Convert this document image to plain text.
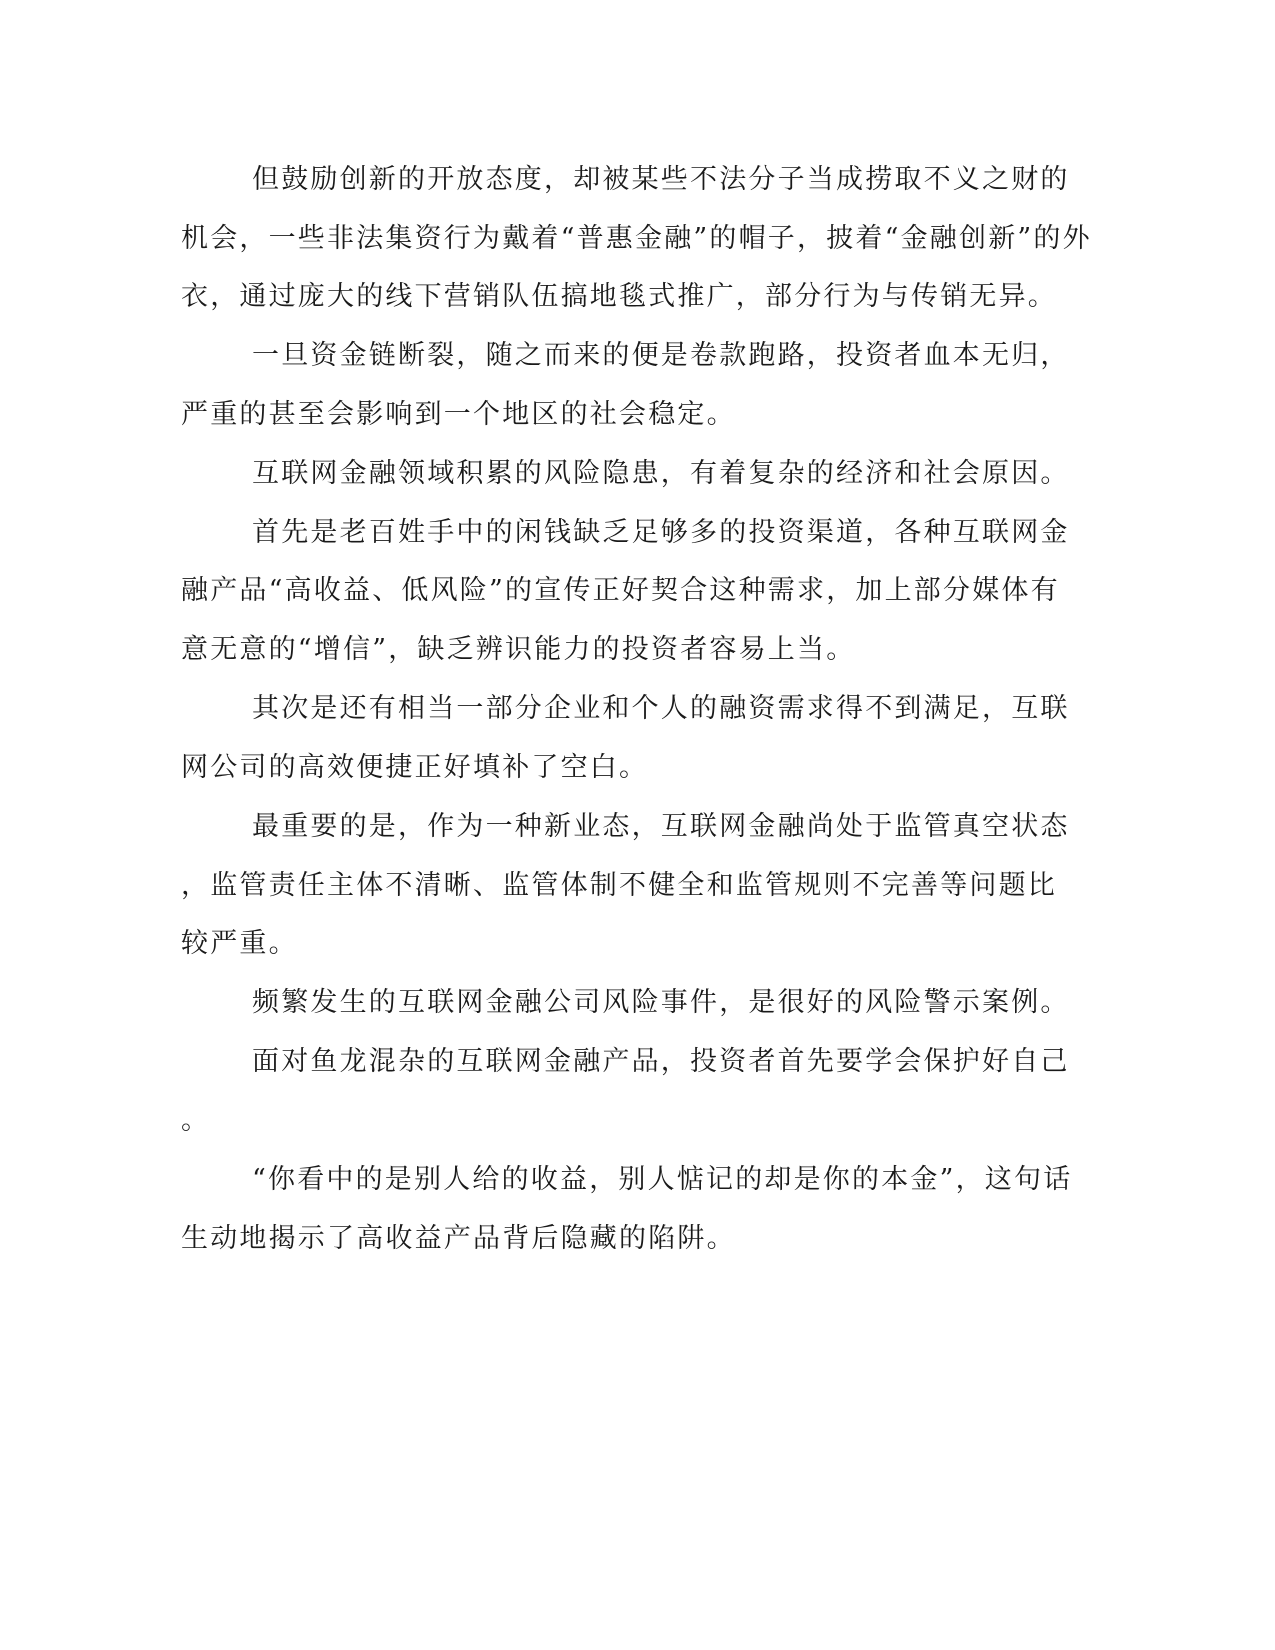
但鼓励创新的开放态度，却被某些不法分子当成捞取不义之财的

机会，一些非法集资行为戴着“普惠金融”的帽子，披着“金融创新”的外

衣，通过庞大的线下营销队伍搞地毯式推广，部分行为与传销无异。

一旦资金链断裂，随之而来的便是卷款跑路，投资者血本无归，

严重的甚至会影响到一个地区的社会稳定。

互联网金融领域积累的风险隐患，有着复杂的经济和社会原因。

首先是老百姓手中的闲钱缺乏足够多的投资渠道，各种互联网金

融产品“高收益、低风险”的宣传正好契合这种需求，加上部分媒体有

意无意的“增信”，缺乏辨识能力的投资者容易上当。

其次是还有相当一部分企业和个人的融资需求得不到满足，互联

网公司的高效便捷正好填补了空白。

最重要的是，作为一种新业态，互联网金融尚处于监管真空状态

，监管责任主体不清晰、监管体制不健全和监管规则不完善等问题比

较严重。

频繁发生的互联网金融公司风险事件，是很好的风险警示案例。

面对鱼龙混杂的互联网金融产品，投资者首先要学会保护好自己

。

“你看中的是别人给的收益，别人惦记的却是你的本金”，这句话

生动地揭示了高收益产品背后隐藏的陷阱。
